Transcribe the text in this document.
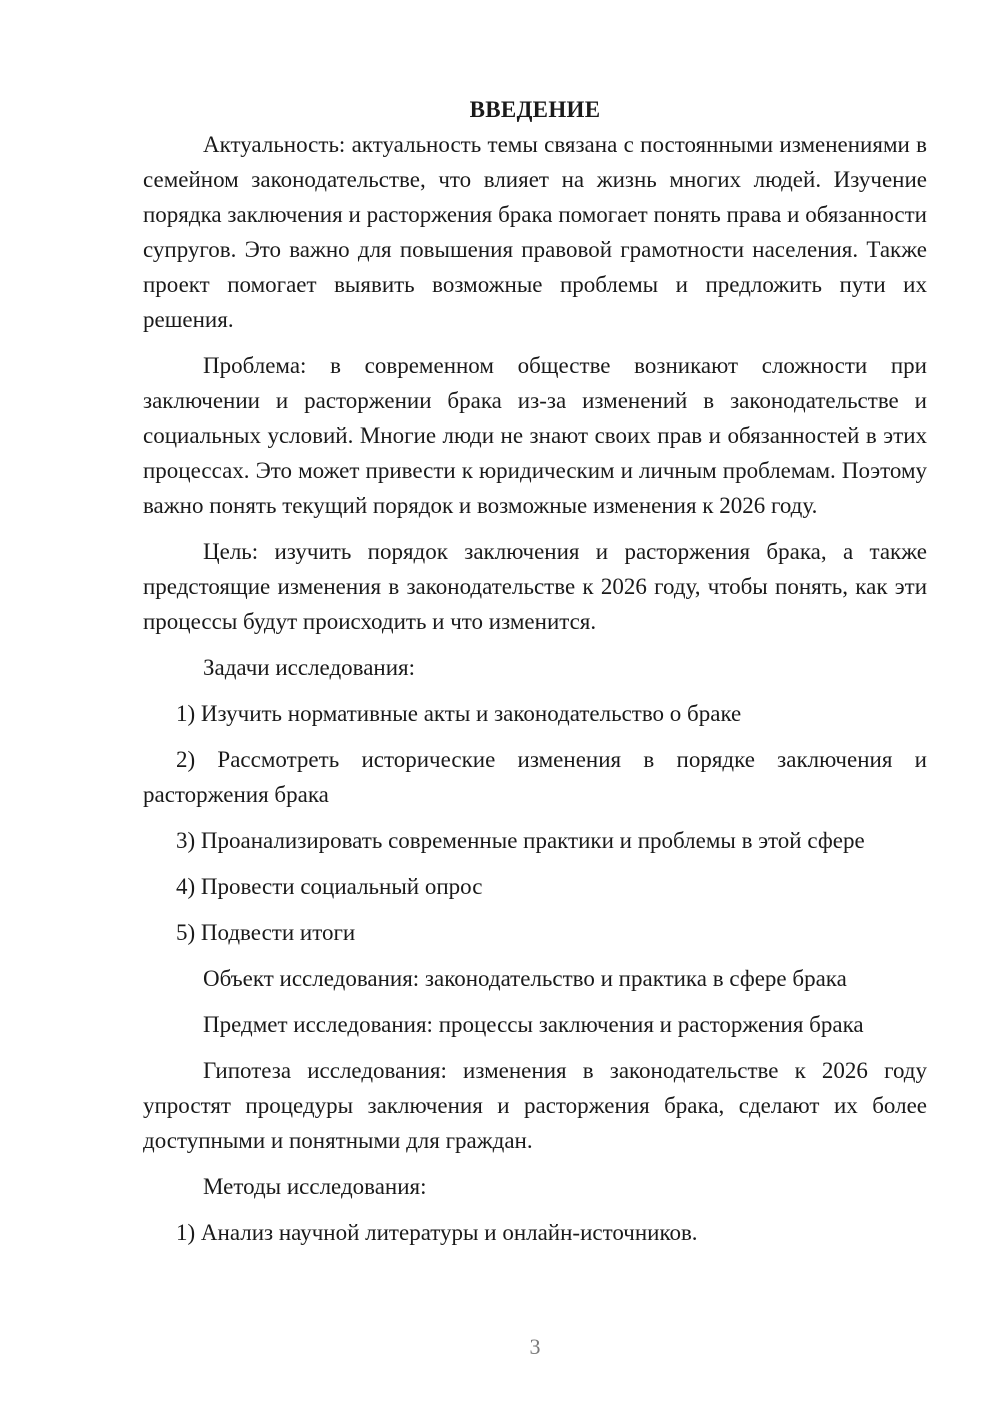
ВВЕДЕНИЕ

Актуальность: актуальность темы связана с постоянными изменениями в семейном законодательстве, что влияет на жизнь многих людей. Изучение порядка заключения и расторжения брака помогает понять права и обязанности супругов. Это важно для повышения правовой грамотности населения. Также проект помогает выявить возможные проблемы и предложить пути их решения.

Проблема: в современном обществе возникают сложности при заключении и расторжении брака из-за изменений в законодательстве и социальных условий. Многие люди не знают своих прав и обязанностей в этих процессах. Это может привести к юридическим и личным проблемам. Поэтому важно понять текущий порядок и возможные изменения к 2026 году.

Цель: изучить порядок заключения и расторжения брака, а также предстоящие изменения в законодательстве к 2026 году, чтобы понять, как эти процессы будут происходить и что изменится.

Задачи исследования:

1) Изучить нормативные акты и законодательство о браке

2) Рассмотреть исторические изменения в порядке заключения и расторжения брака

3) Проанализировать современные практики и проблемы в этой сфере

4) Провести социальный опрос

5) Подвести итоги

Объект исследования: законодательство и практика в сфере брака

Предмет исследования: процессы заключения и расторжения брака

Гипотеза исследования: изменения в законодательстве к 2026 году упростят процедуры заключения и расторжения брака, сделают их более доступными и понятными для граждан.

Методы исследования:

1) Анализ научной литературы и онлайн-источников.

3
